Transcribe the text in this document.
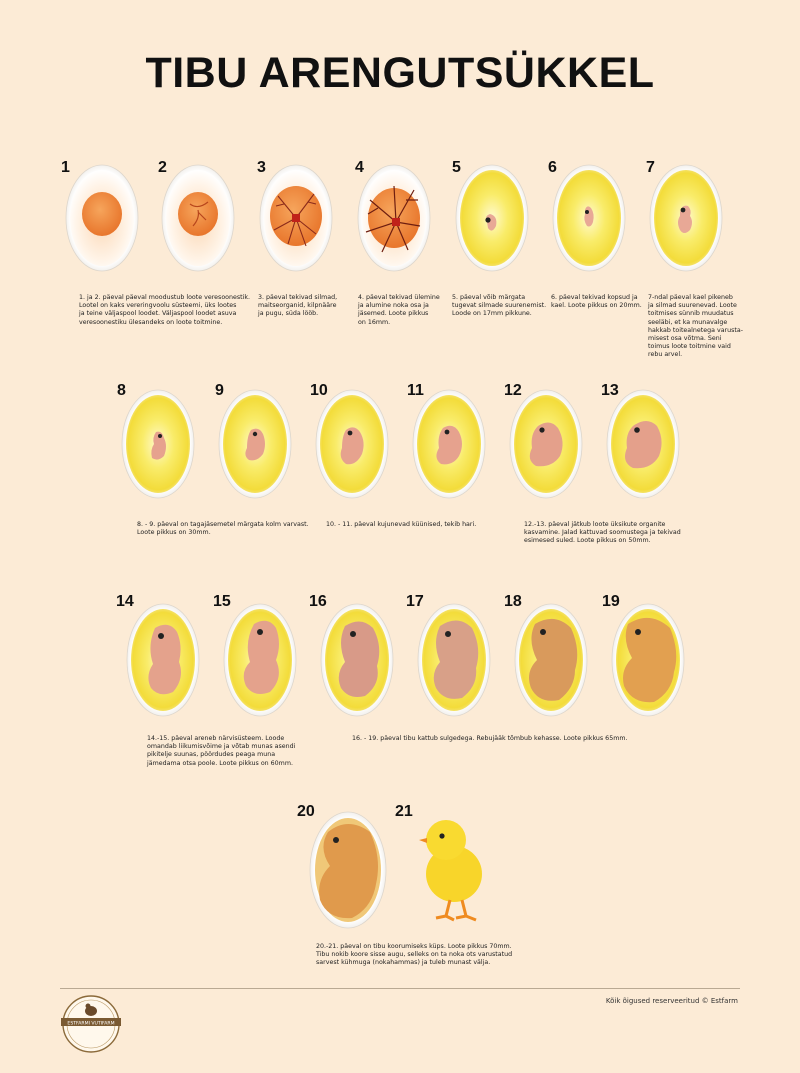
TIBU ARENGUTSÜKKEL
1	2	3	4	5	6	7
1. ja 2. päeval päeval moodustub loote veresoonestik.
Lootel on kaks vereringvoolu süsteemi, üks lootes
ja teine väljaspool loodet. Väljaspool loodet asuva
veresoonestiku ülesandeks on loote toitmine.
3. päeval tekivad silmad,
maitseorganid, kilpnääre
ja pugu, süda lööb.
4. päeval tekivad ülemine
ja alumine noka osa ja
jäsemed. Loote pikkus
on 16mm.
5. päeval võib märgata
tugevat silmade suurenemist.
Loode on 17mm pikkune.
6. päeval tekivad kopsud ja
kael. Loote pikkus on 20mm.
7-ndal päeval kael pikeneb
ja silmad suurenevad. Loote
toitmises sünnib muudatus
seeläbi, et ka munavalge
hakkab toitealnetega varusta-
misest osa võtma. Seni
toimus loote toitmine vaid
rebu arvel.
8	9	10	11	12	13
8. - 9. päeval on tagajäsemetel märgata kolm varvast.
Loote pikkus on 30mm.
10. - 11. päeval kujunevad küünised, tekib hari.	12.-13. päeval jätkub loote üksikute organite
kasvamine. Jalad kattuvad soomustega ja tekivad
esimesed suled. Loote pikkus on 50mm.
14	15	16	17	18	19
14.-15. päeval areneb närvisüsteem. Loode
omandab liikumisvõime ja võtab munas asendi
pikitelje suunas, pöördudes peaga muna
jämedama otsa poole. Loote pikkus on 60mm.
16. - 19. päeval tibu kattub sulgedega. Rebujääk tõmbub kehasse. Loote pikkus 65mm.
20	21
20.-21. päeval on tibu koorumiseks küps. Loote pikkus 70mm.
Tibu nokib koore sisse augu, selleks on ta noka ots varustatud
sarvest kühmuga (nokahammas) ja tuleb munast välja.
ESTFARMI VUTIFARM
Kõik õigused reserveeritud © Estfarm
